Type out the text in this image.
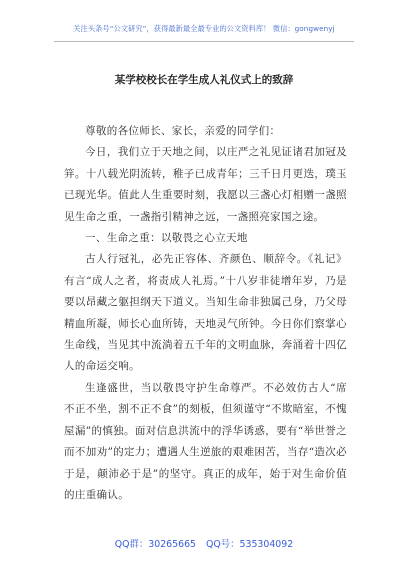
关注头条号“公文研究”，获得最新最全最专业的公文资料库！ 微信：gongwenyj
某学校校长在学生成人礼仪式上的致辞

尊敬的各位师长、家长，亲爱的同学们：

今日，我们立于天地之间，以庄严之礼见证诸君加冠及笄。十八载光阴流转，稚子已成青年；三千日月更迭，璞玉已现光华。值此人生重要时刻，我愿以三盏心灯相赠一盏照见生命之重，一盏指引精神之远，一盏照亮家国之途。

一、生命之重：以敬畏之心立天地

古人行冠礼，必先正容体、齐颜色、顺辞令。《礼记》有言“成人之者，将责成人礼焉。”十八岁非徒增年岁，乃是要以昂藏之躯担纲天下道义。当知生命非独属己身，乃父母精血所凝，师长心血所铸，天地灵气所钟。今日你们察掌心生命线，当见其中流淌着五千年的文明血脉，奔涌着十四亿人的命运交响。

生逢盛世，当以敬畏守护生命尊严。不必效仿古人“席不正不坐，割不正不食”的刻板，但须谨守“不欺暗室，不愧屋漏”的慎独。面对信息洪流中的浮华诱惑，要有“举世誉之而不加劝”的定力；遭遇人生逆旅的艰难困苦，当存“造次必于是，颠沛必于是”的坚守。真正的成年，始于对生命价值的庄重确认。

QQ群：30265665 QQ号：535304092
